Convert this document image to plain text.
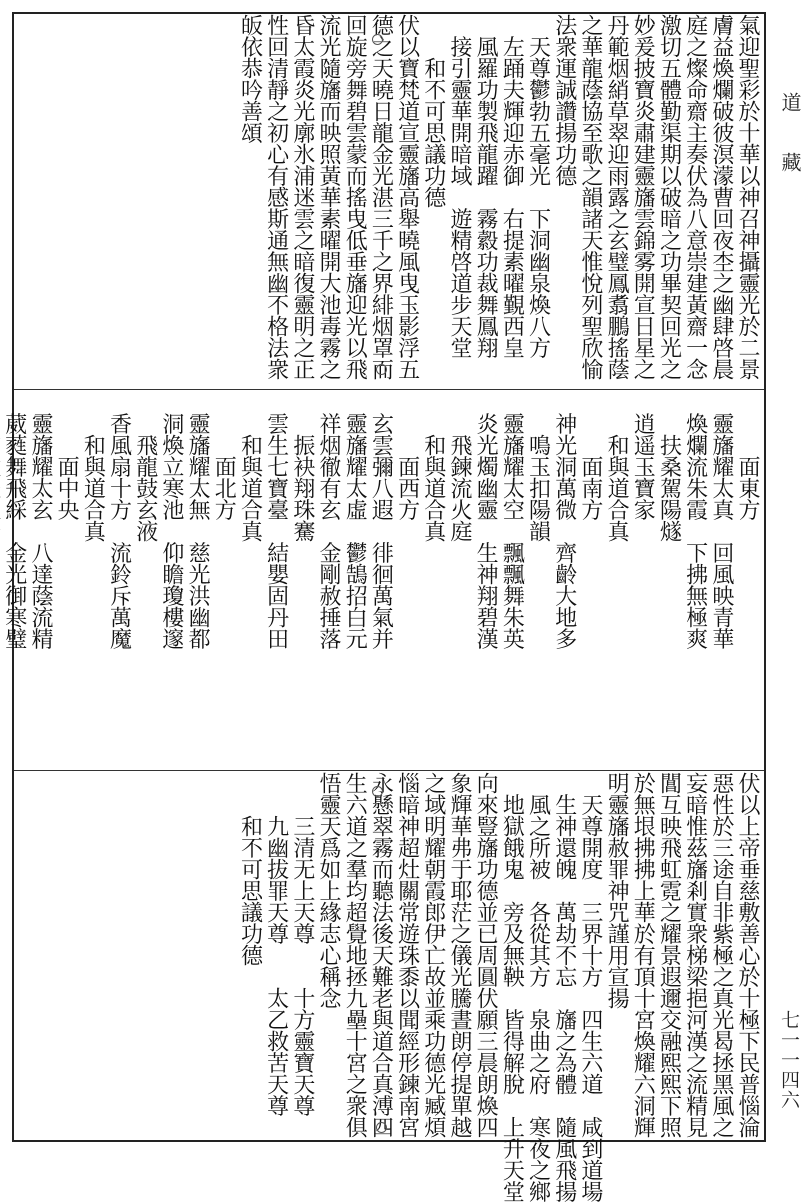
氣迎聖彩於十華以神召神攝靈光於二景
膚益煥爛破彼溟濛曹回夜杢之幽肆啓晨
庭之燦命齋主奏伏為八意崇建黃齋一念
激切五體勤渠期以破暗之功畢契回光之
妙爰披寶炎肅建靈旛雲錦雾開宣日星之
丹範烟綃草翠迎雨露之玄璧鳳翥鵬搖蔭
之華龍蔭協至歌之韻諸天惟悅列聖欣愉
法衆運誠讚揚功德
　天尊鬱勃五毫光　下洞幽泉煥八方
　左踊夫輝迎赤御　右提素曜覲西皇
　風羅功製飛龍躍　霧縠功裁舞鳳翔
　接引靈華開暗域　遊精啓道步天堂
　　和不可思議功德
伏以寶梵道宣靈旛高舉曉風曳玉影浮五
德之天曉日龍金光湛三千之界緋烟罩而
回旋旁舞碧雲蒙而搖曳低垂旛迎光以飛
流光隨旛而映照黃華素曜開大池毒霧之
昏太霞炎光廓氷浦迷雲之暗復靈明之正
性回清靜之初心有感斯通無幽不格法衆
皈依恭吟善頌
　　　面東方
　靈旛耀太真　回風映青華
　煥爛流朱霞　下拂無極爽
　　扶桑駕陽燧
　逍遥玉寶家
　　和與道合真
　　　面南方
　神光洞萬微　齊齡大地多
　　鳴玉扣陽韻
　靈旛耀太空　飄飄舞朱英
　炎光燭幽靈　生神翔碧漢
　　飛鍊流火庭
　　和與道合真
　　　面西方
　玄雲彌八遐　徘徊萬氣并
　靈旛耀太虛　鬱鵠招白元
　祥烟徹有玄　金剛赦捶落
　　振袂翔珠騫
　雲生七寶臺　結嬰固丹田
　　和與道合真
　　　面北方
　靈旛耀太無　慈光洪幽都
　洞煥立寒池　仰瞻瓊樓邃
　　飛龍鼓玄液
　香風扇十方　流鈴斥萬魔
　　和與道合真
　　　面中央
　靈旛耀太玄　八達蔭流精
　葳蕤舞飛綵　金光御寒璧
伏以上帝垂慈敷善心於十極下民普惱淪
惡性於三途自非紫極之真光曷拯黑風之
妄暗惟茲旛剎實衆梯梁挹河漢之流精見
閶互映飛虹霓之耀景遐邇交融熙熙下照
於無垠拂拂上華於有頂十宮煥耀六洞輝
明靈旛赦罪神咒謹用宣揚
　天尊開度　三界十方　四生六道　咸到道場
　生神還魄　萬劫不忘　旛之為體　隨風飛揚
　風之所被　各從其方　泉曲之府　寒夜之鄉
　地獄餓鬼　旁及無鞅　皆得解脫　上升天堂
向來豎旛功德並已周圓伏願三晨朗煥四
象輝華弗于耶茫之儀光騰晝朗停提單越
之域明耀朝霞郎伊亡故並乘功德光臧煩
惱暗神超灶關常遊珠黍以聞經形鍊南宮
永懸翠霧而聽法後天難老與道合真溥四
生六道之羣均超覺地拯九壘十宮之衆俱
悟靈天爲如上緣志心稱念
　　三清无上天尊　　十方靈寶天尊
　　九幽拔罪天尊　　太乙救苦天尊
　　和不可思議功德
道　　藏
七一一四六
